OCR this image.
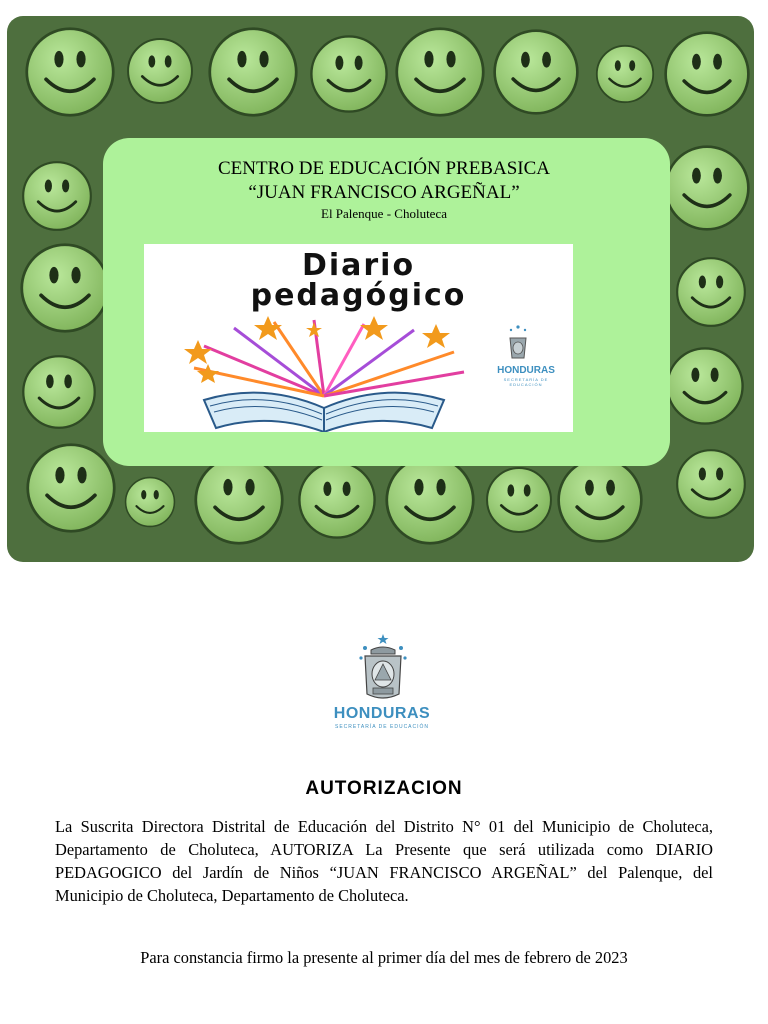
CENTRO DE EDUCACIÓN PREBASICA
“JUAN FRANCISCO ARGEÑAL”
El Palenque - Choluteca
Diario
pedagógico
HONDURAS
SECRETARÍA DE EDUCACIÓN
HONDURAS
SECRETARÍA DE EDUCACIÓN
AUTORIZACION
La Suscrita Directora Distrital de Educación del Distrito N° 01 del Municipio de Choluteca, Departamento de Choluteca, AUTORIZA La Presente que será utilizada como DIARIO PEDAGOGICO del Jardín de Niños “JUAN FRANCISCO ARGEÑAL” del Palenque, del Municipio de Choluteca, Departamento de Choluteca.
Para constancia firmo la presente al primer día del mes de febrero de 2023
